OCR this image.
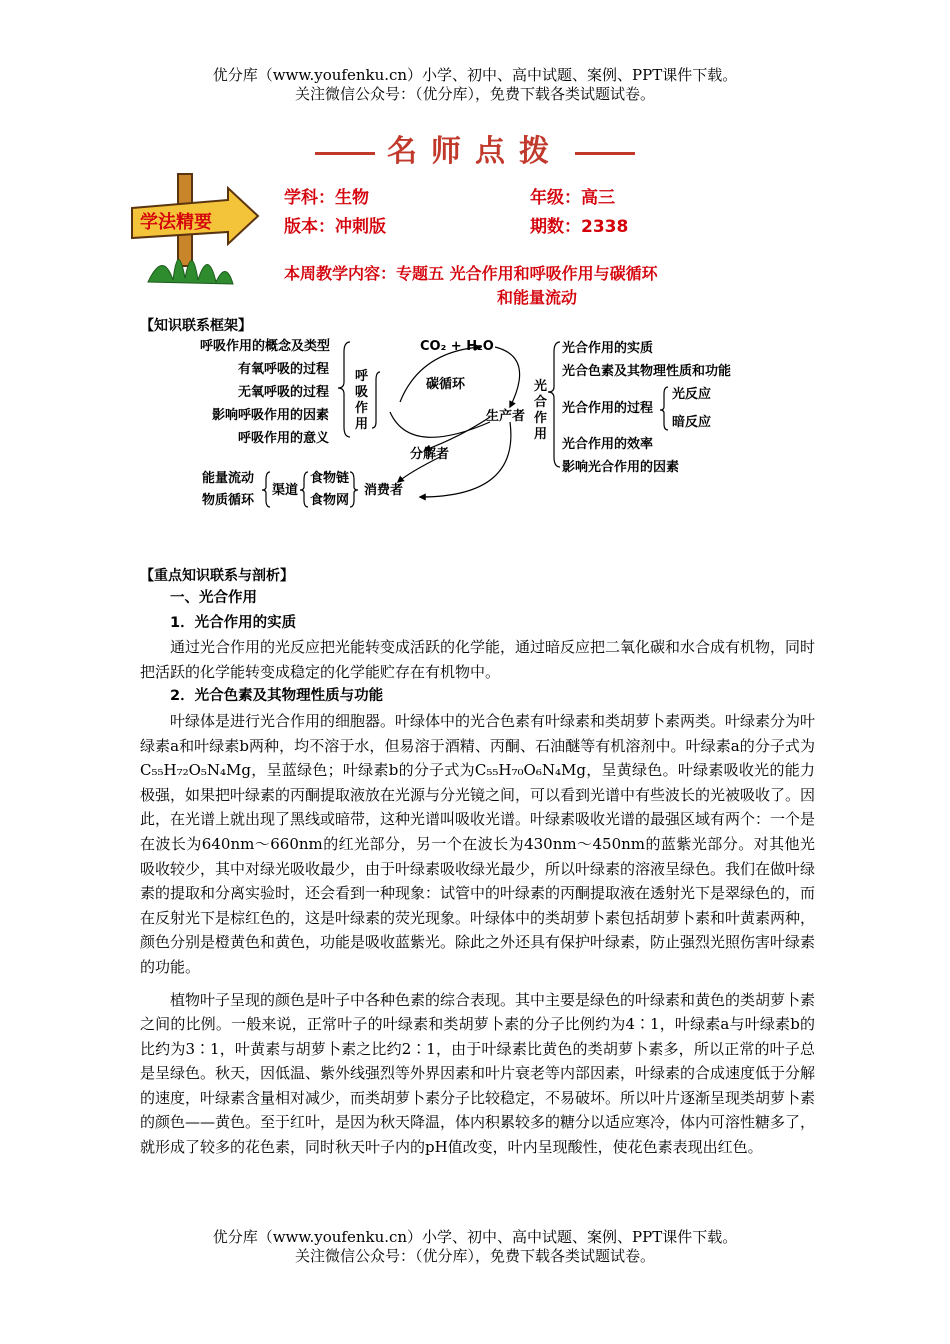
优分库（www.youfenku.cn）小学、初中、高中试题、案例、PPT课件下载。
关注微信公众号：（优分库），免费下载各类试题试卷。
名师点拨
学法精要
学科：生物	年级：高三
版本：冲刺版	期数：2338
本周教学内容：专题五 光合作用和呼吸作用与碳循环
和能量流动
【知识联系框架】
呼吸作用的概念及类型
有氧呼吸的过程
无氧呼吸的过程
影响呼吸作用的因素
呼吸作用的意义
呼
吸
作
用
CO₂ + H₂O
碳循环
生产者
分解者
消费者
能量流动
物质循环
渠道
食物链
食物网
光
合
作
用
光合作用的实质
光合色素及其物理性质和功能
光合作用的过程
光反应
暗反应
光合作用的效率
影响光合作用的因素
【重点知识联系与剖析】
一、光合作用
1．光合作用的实质

通过光合作用的光反应把光能转变成活跃的化学能，通过暗反应把二氧化碳和水合成有机物，同时把活跃的化学能转变成稳定的化学能贮存在有机物中。

2．光合色素及其物理性质与功能

叶绿体是进行光合作用的细胞器。叶绿体中的光合色素有叶绿素和类胡萝卜素两类。叶绿素分为叶绿素a和叶绿素b两种，均不溶于水，但易溶于酒精、丙酮、石油醚等有机溶剂中。叶绿素a的分子式为C₅₅H₇₂O₅N₄Mg，呈蓝绿色；叶绿素b的分子式为C₅₅H₇₀O₆N₄Mg，呈黄绿色。叶绿素吸收光的能力极强，如果把叶绿素的丙酮提取液放在光源与分光镜之间，可以看到光谱中有些波长的光被吸收了。因此，在光谱上就出现了黑线或暗带，这种光谱叫吸收光谱。叶绿素吸收光谱的最强区域有两个：一个是在波长为640nm～660nm的红光部分，另一个在波长为430nm～450nm的蓝紫光部分。对其他光吸收较少，其中对绿光吸收最少，由于叶绿素吸收绿光最少，所以叶绿素的溶液呈绿色。我们在做叶绿素的提取和分离实验时，还会看到一种现象：试管中的叶绿素的丙酮提取液在透射光下是翠绿色的，而在反射光下是棕红色的，这是叶绿素的荧光现象。叶绿体中的类胡萝卜素包括胡萝卜素和叶黄素两种，颜色分别是橙黄色和黄色，功能是吸收蓝紫光。除此之外还具有保护叶绿素，防止强烈光照伤害叶绿素的功能。

植物叶子呈现的颜色是叶子中各种色素的综合表现。其中主要是绿色的叶绿素和黄色的类胡萝卜素之间的比例。一般来说，正常叶子的叶绿素和类胡萝卜素的分子比例约为4∶1，叶绿素a与叶绿素b的比约为3∶1，叶黄素与胡萝卜素之比约2∶1，由于叶绿素比黄色的类胡萝卜素多，所以正常的叶子总是呈绿色。秋天，因低温、紫外线强烈等外界因素和叶片衰老等内部因素，叶绿素的合成速度低于分解的速度，叶绿素含量相对减少，而类胡萝卜素分子比较稳定，不易破坏。所以叶片逐渐呈现类胡萝卜素的颜色——黄色。至于红叶，是因为秋天降温，体内积累较多的糖分以适应寒冷，体内可溶性糖多了，就形成了较多的花色素，同时秋天叶子内的pH值改变，叶内呈现酸性，使花色素表现出红色。

优分库（www.youfenku.cn）小学、初中、高中试题、案例、PPT课件下载。
关注微信公众号：（优分库），免费下载各类试题试卷。
